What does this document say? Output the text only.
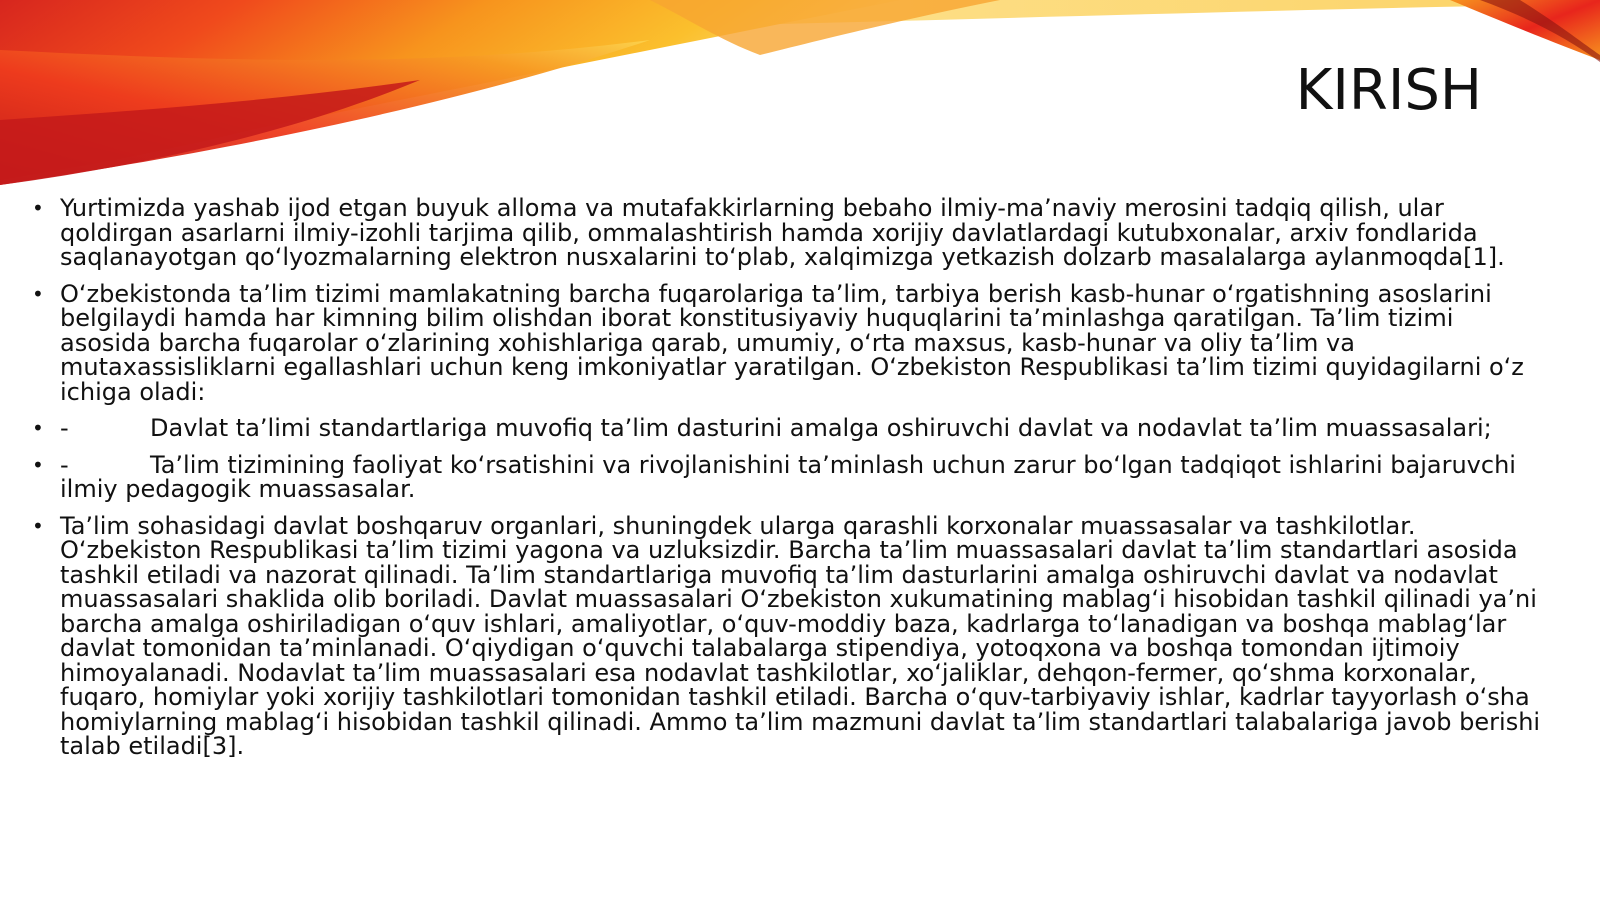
KIRISH
• Yurtimizda yashab ijod etgan buyuk alloma va mutafakkirlarning bebaho ilmiy-ma’naviy merosini tadqiq qilish, ular qoldirgan asarlarni ilmiy-izohli tarjima qilib, ommalashtirish hamda xorijiy davlatlardagi kutubxonalar, arxiv fondlarida saqlanayotgan qo‘lyozmalarning elektron nusxalarini to‘plab, xalqimizga yetkazish dolzarb masalalarga aylanmoqda[1].
• O‘zbekistonda ta’lim tizimi mamlakatning barcha fuqarolariga ta’lim, tarbiya berish kasb-hunar o‘rgatishning asoslarini belgilaydi hamda har kimning bilim olishdan iborat konstitusiyaviy huquqlarini ta’minlashga qaratilgan. Ta’lim tizimi asosida barcha fuqarolar o‘zlarining xohishlariga qarab, umumiy, o‘rta maxsus, kasb-hunar va oliy ta’lim va mutaxassisliklarni egallashlari uchun keng imkoniyatlar yaratilgan. O‘zbekiston Respublikasi ta’lim tizimi quyidagilarni o‘z ichiga oladi:
• -	Davlat ta’limi standartlariga muvofiq ta’lim dasturini amalga oshiruvchi davlat va nodavlat ta’lim muassasalari;
• -	Ta’lim tizimining faoliyat ko‘rsatishini va rivojlanishini ta’minlash uchun zarur bo‘lgan tadqiqot ishlarini bajaruvchi ilmiy pedagogik muassasalar.
• Ta’lim sohasidagi davlat boshqaruv organlari, shuningdek ularga qarashli korxonalar muassasalar va tashkilotlar. O‘zbekiston Respublikasi ta’lim tizimi yagona va uzluksizdir. Barcha ta’lim muassasalari davlat ta’lim standartlari asosida tashkil etiladi va nazorat qilinadi. Ta’lim standartlariga muvofiq ta’lim dasturlarini amalga oshiruvchi davlat va nodavlat muassasalari shaklida olib boriladi. Davlat muassasalari O‘zbekiston xukumatining mablag‘i hisobidan tashkil qilinadi ya’ni barcha amalga oshiriladigan o‘quv ishlari, amaliyotlar, o‘quv-moddiy baza, kadrlarga to‘lanadigan va boshqa mablag‘lar davlat tomonidan ta’minlanadi. O‘qiydigan o‘quvchi talabalarga stipendiya, yotoqxona va boshqa tomondan ijtimoiy himoyalanadi. Nodavlat ta’lim muassasalari esa nodavlat tashkilotlar, xo‘jaliklar, dehqon-fermer, qo‘shma korxonalar, fuqaro, homiylar yoki xorijiy tashkilotlari tomonidan tashkil etiladi. Barcha o‘quv-tarbiyaviy ishlar, kadrlar tayyorlash o‘sha homiylarning mablag‘i hisobidan tashkil qilinadi. Ammo ta’lim mazmuni davlat ta’lim standartlari talabalariga javob berishi talab etiladi[3].
